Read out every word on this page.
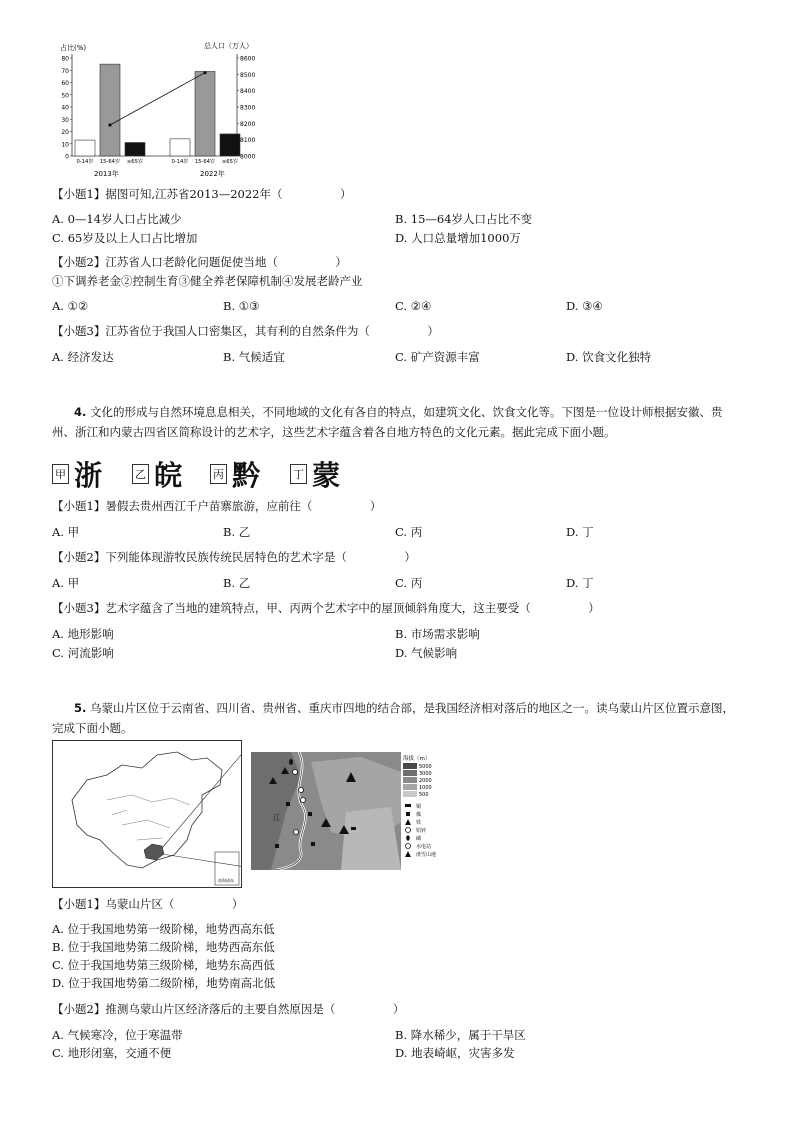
占比(%)	总人口（万人）
0
10
20
30
40
50
60
70
80
8000
8100
8200
8300
8400
8500
8600
0-14岁 15-64岁 ≥65岁	0-14岁 15-64岁 ≥65岁
2013年	2022年
【小题1】据图可知,江苏省2013—2022年（　　　　　）
A. 0—14岁人口占比减少	B. 15—64岁人口占比不变
C. 65岁及以上人口占比增加	D. 人口总量增加1000万
【小题2】江苏省人口老龄化问题促使当地（　　　　　）
①下调养老金②控制生育③健全养老保障机制④发展老龄产业
A. ①②	B. ①③	C. ②④	D. ③④
【小题3】江苏省位于我国人口密集区，其有利的自然条件为（　　　　　）
A. 经济发达	B. 气候适宜	C. 矿产资源丰富	D. 饮食文化独特
4. 文化的形成与自然环境息息相关，不同地域的文化有各自的特点，如建筑文化、饮食文化等。下图是一位设计师根据安徽、贵州、浙江和内蒙古四省区简称设计的艺术字，这些艺术字蕴含着各自地方特色的文化元素。据此完成下面小题。
甲 浙	乙 皖	丙 黔	丁 蒙
【小题1】暑假去贵州西江千户苗寨旅游，应前往（　　　　　）
A. 甲	B. 乙	C. 丙	D. 丁
【小题2】下列能体现游牧民族传统民居特色的艺术字是（　　　　　）
A. 甲	B. 乙	C. 丙	D. 丁
【小题3】艺术字蕴含了当地的建筑特点，甲、丙两个艺术字中的屋顶倾斜角度大，这主要受（　　　　　）
A. 地形影响	B. 市场需求影响
C. 河流影响	D. 气候影响
5. 乌蒙山片区位于云南省、四川省、贵州省、重庆市四地的结合部，是我国经济相对落后的地区之一。读乌蒙山片区位置示意图，完成下面小题。
南海诸岛
江
海拔（m）
5000
3000
2000
1000
500
铜
煤
铁
铅锌
磷
水电站
滑雪山地
【小题1】乌蒙山片区（　　　　　）
A. 位于我国地势第一级阶梯，地势西高东低
B. 位于我国地势第二级阶梯，地势西高东低
C. 位于我国地势第三级阶梯，地势东高西低
D. 位于我国地势第二级阶梯，地势南高北低
【小题2】推测乌蒙山片区经济落后的主要自然原因是（　　　　　）
A. 气候寒冷，位于寒温带	B. 降水稀少，属于干旱区
C. 地形闭塞，交通不便	D. 地表崎岖，灾害多发
